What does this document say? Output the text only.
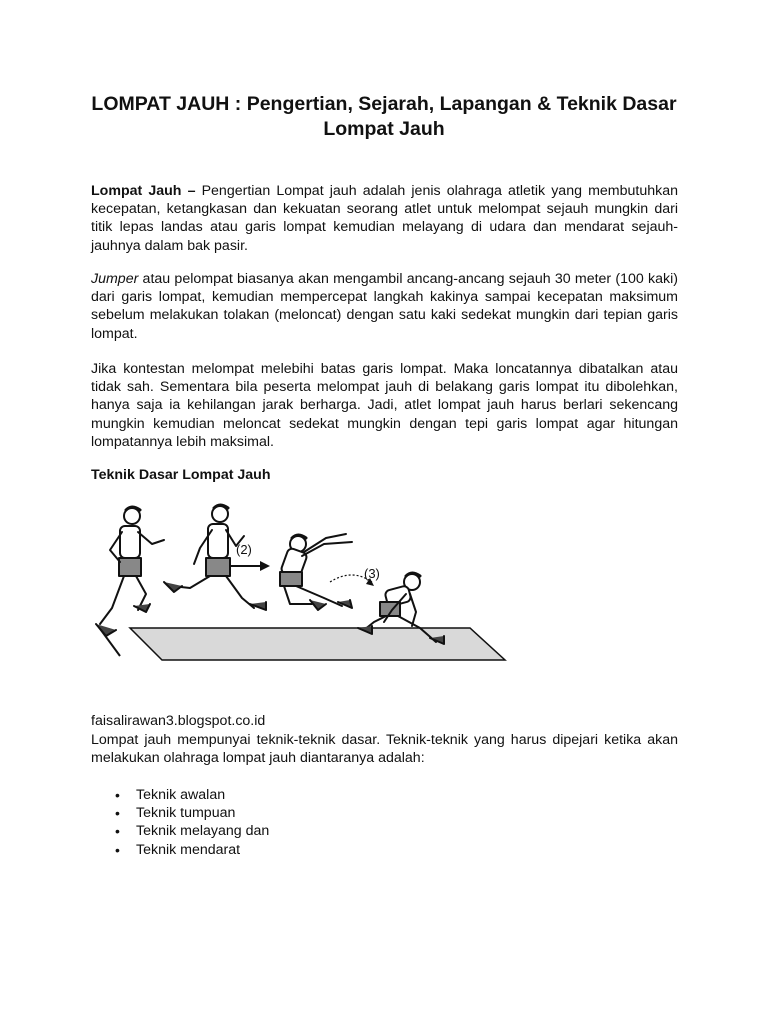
LOMPAT JAUH : Pengertian, Sejarah, Lapangan & Teknik Dasar Lompat Jauh

Lompat Jauh – Pengertian Lompat jauh adalah jenis olahraga atletik yang membutuhkan kecepatan, ketangkasan dan kekuatan seorang atlet untuk melompat sejauh mungkin dari titik lepas landas atau garis lompat kemudian melayang di udara dan mendarat sejauh-jauhnya dalam bak pasir.

Jumper atau pelompat biasanya akan mengambil ancang-ancang sejauh 30 meter (100 kaki) dari garis lompat, kemudian mempercepat langkah kakinya sampai kecepatan maksimum sebelum melakukan tolakan (meloncat) dengan satu kaki sedekat mungkin dari tepian garis lompat.

Jika kontestan melompat melebihi batas garis lompat. Maka loncatannya dibatalkan atau tidak sah. Sementara bila peserta melompat jauh di belakang garis lompat itu dibolehkan, hanya saja ia kehilangan jarak berharga. Jadi, atlet lompat jauh harus berlari sekencang mungkin kemudian meloncat sedekat mungkin dengan tepi garis lompat agar hitungan lompatannya lebih maksimal.

Teknik Dasar Lompat Jauh
(2)
(3)

faisalirawan3.blogspot.co.id

Lompat jauh mempunyai teknik-teknik dasar. Teknik-teknik yang harus dipejari ketika akan melakukan olahraga lompat jauh diantaranya adalah:

• Teknik awalan
• Teknik tumpuan
• Teknik melayang dan
• Teknik mendarat
